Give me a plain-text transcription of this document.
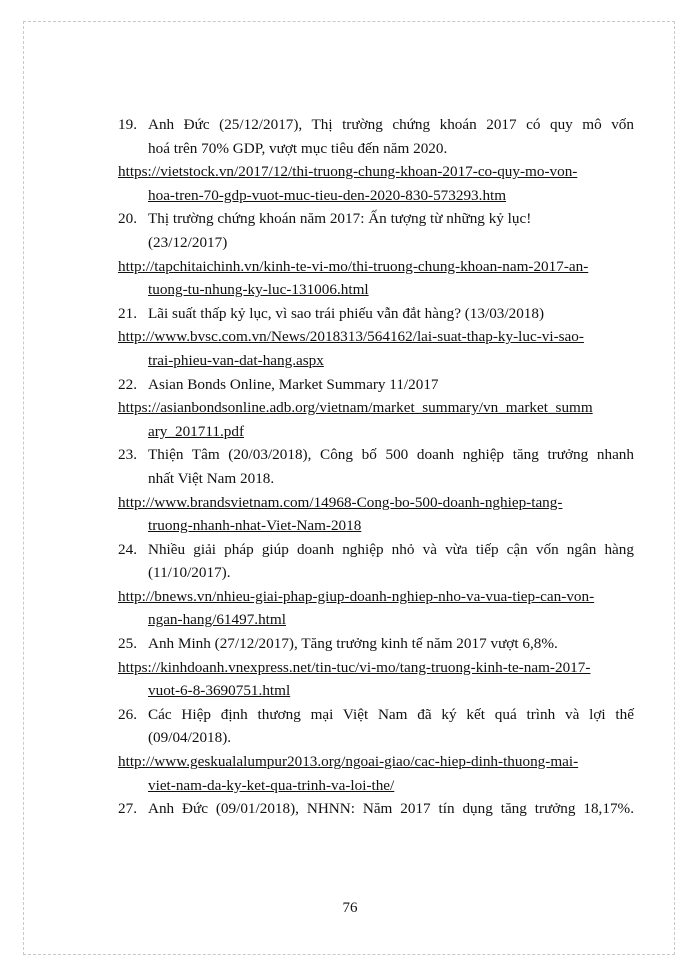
19. Anh Đức (25/12/2017), Thị trường chứng khoán 2017 có quy mô vốn
hoá trên 70% GDP, vượt mục tiêu đến năm 2020.
https://vietstock.vn/2017/12/thi-truong-chung-khoan-2017-co-quy-mo-von-
hoa-tren-70-gdp-vuot-muc-tieu-den-2020-830-573293.htm
20. Thị trường chứng khoán năm 2017: Ấn tượng từ những kỷ lục!
(23/12/2017)
http://tapchitaichinh.vn/kinh-te-vi-mo/thi-truong-chung-khoan-nam-2017-an-
tuong-tu-nhung-ky-luc-131006.html
21. Lãi suất thấp kỷ lục, vì sao trái phiếu vẫn đắt hàng? (13/03/2018)
http://www.bvsc.com.vn/News/2018313/564162/lai-suat-thap-ky-luc-vi-sao-
trai-phieu-van-dat-hang.aspx
22. Asian Bonds Online, Market Summary 11/2017
https://asianbondsonline.adb.org/vietnam/market_summary/vn_market_summ
ary_201711.pdf
23. Thiện Tâm (20/03/2018), Công bố 500 doanh nghiệp tăng trưởng nhanh
nhất Việt Nam 2018.
http://www.brandsvietnam.com/14968-Cong-bo-500-doanh-nghiep-tang-
truong-nhanh-nhat-Viet-Nam-2018
24. Nhiều giải pháp giúp doanh nghiệp nhỏ và vừa tiếp cận vốn ngân hàng
(11/10/2017).
http://bnews.vn/nhieu-giai-phap-giup-doanh-nghiep-nho-va-vua-tiep-can-von-
ngan-hang/61497.html
25. Anh Minh (27/12/2017), Tăng trưởng kinh tế năm 2017 vượt 6,8%.
https://kinhdoanh.vnexpress.net/tin-tuc/vi-mo/tang-truong-kinh-te-nam-2017-
vuot-6-8-3690751.html
26. Các Hiệp định thương mại Việt Nam đã ký kết quá trình và lợi thế
(09/04/2018).
http://www.geskualalumpur2013.org/ngoai-giao/cac-hiep-dinh-thuong-mai-
viet-nam-da-ky-ket-qua-trinh-va-loi-the/
27. Anh Đức (09/01/2018), NHNN: Năm 2017 tín dụng tăng trưởng 18,17%.
76
